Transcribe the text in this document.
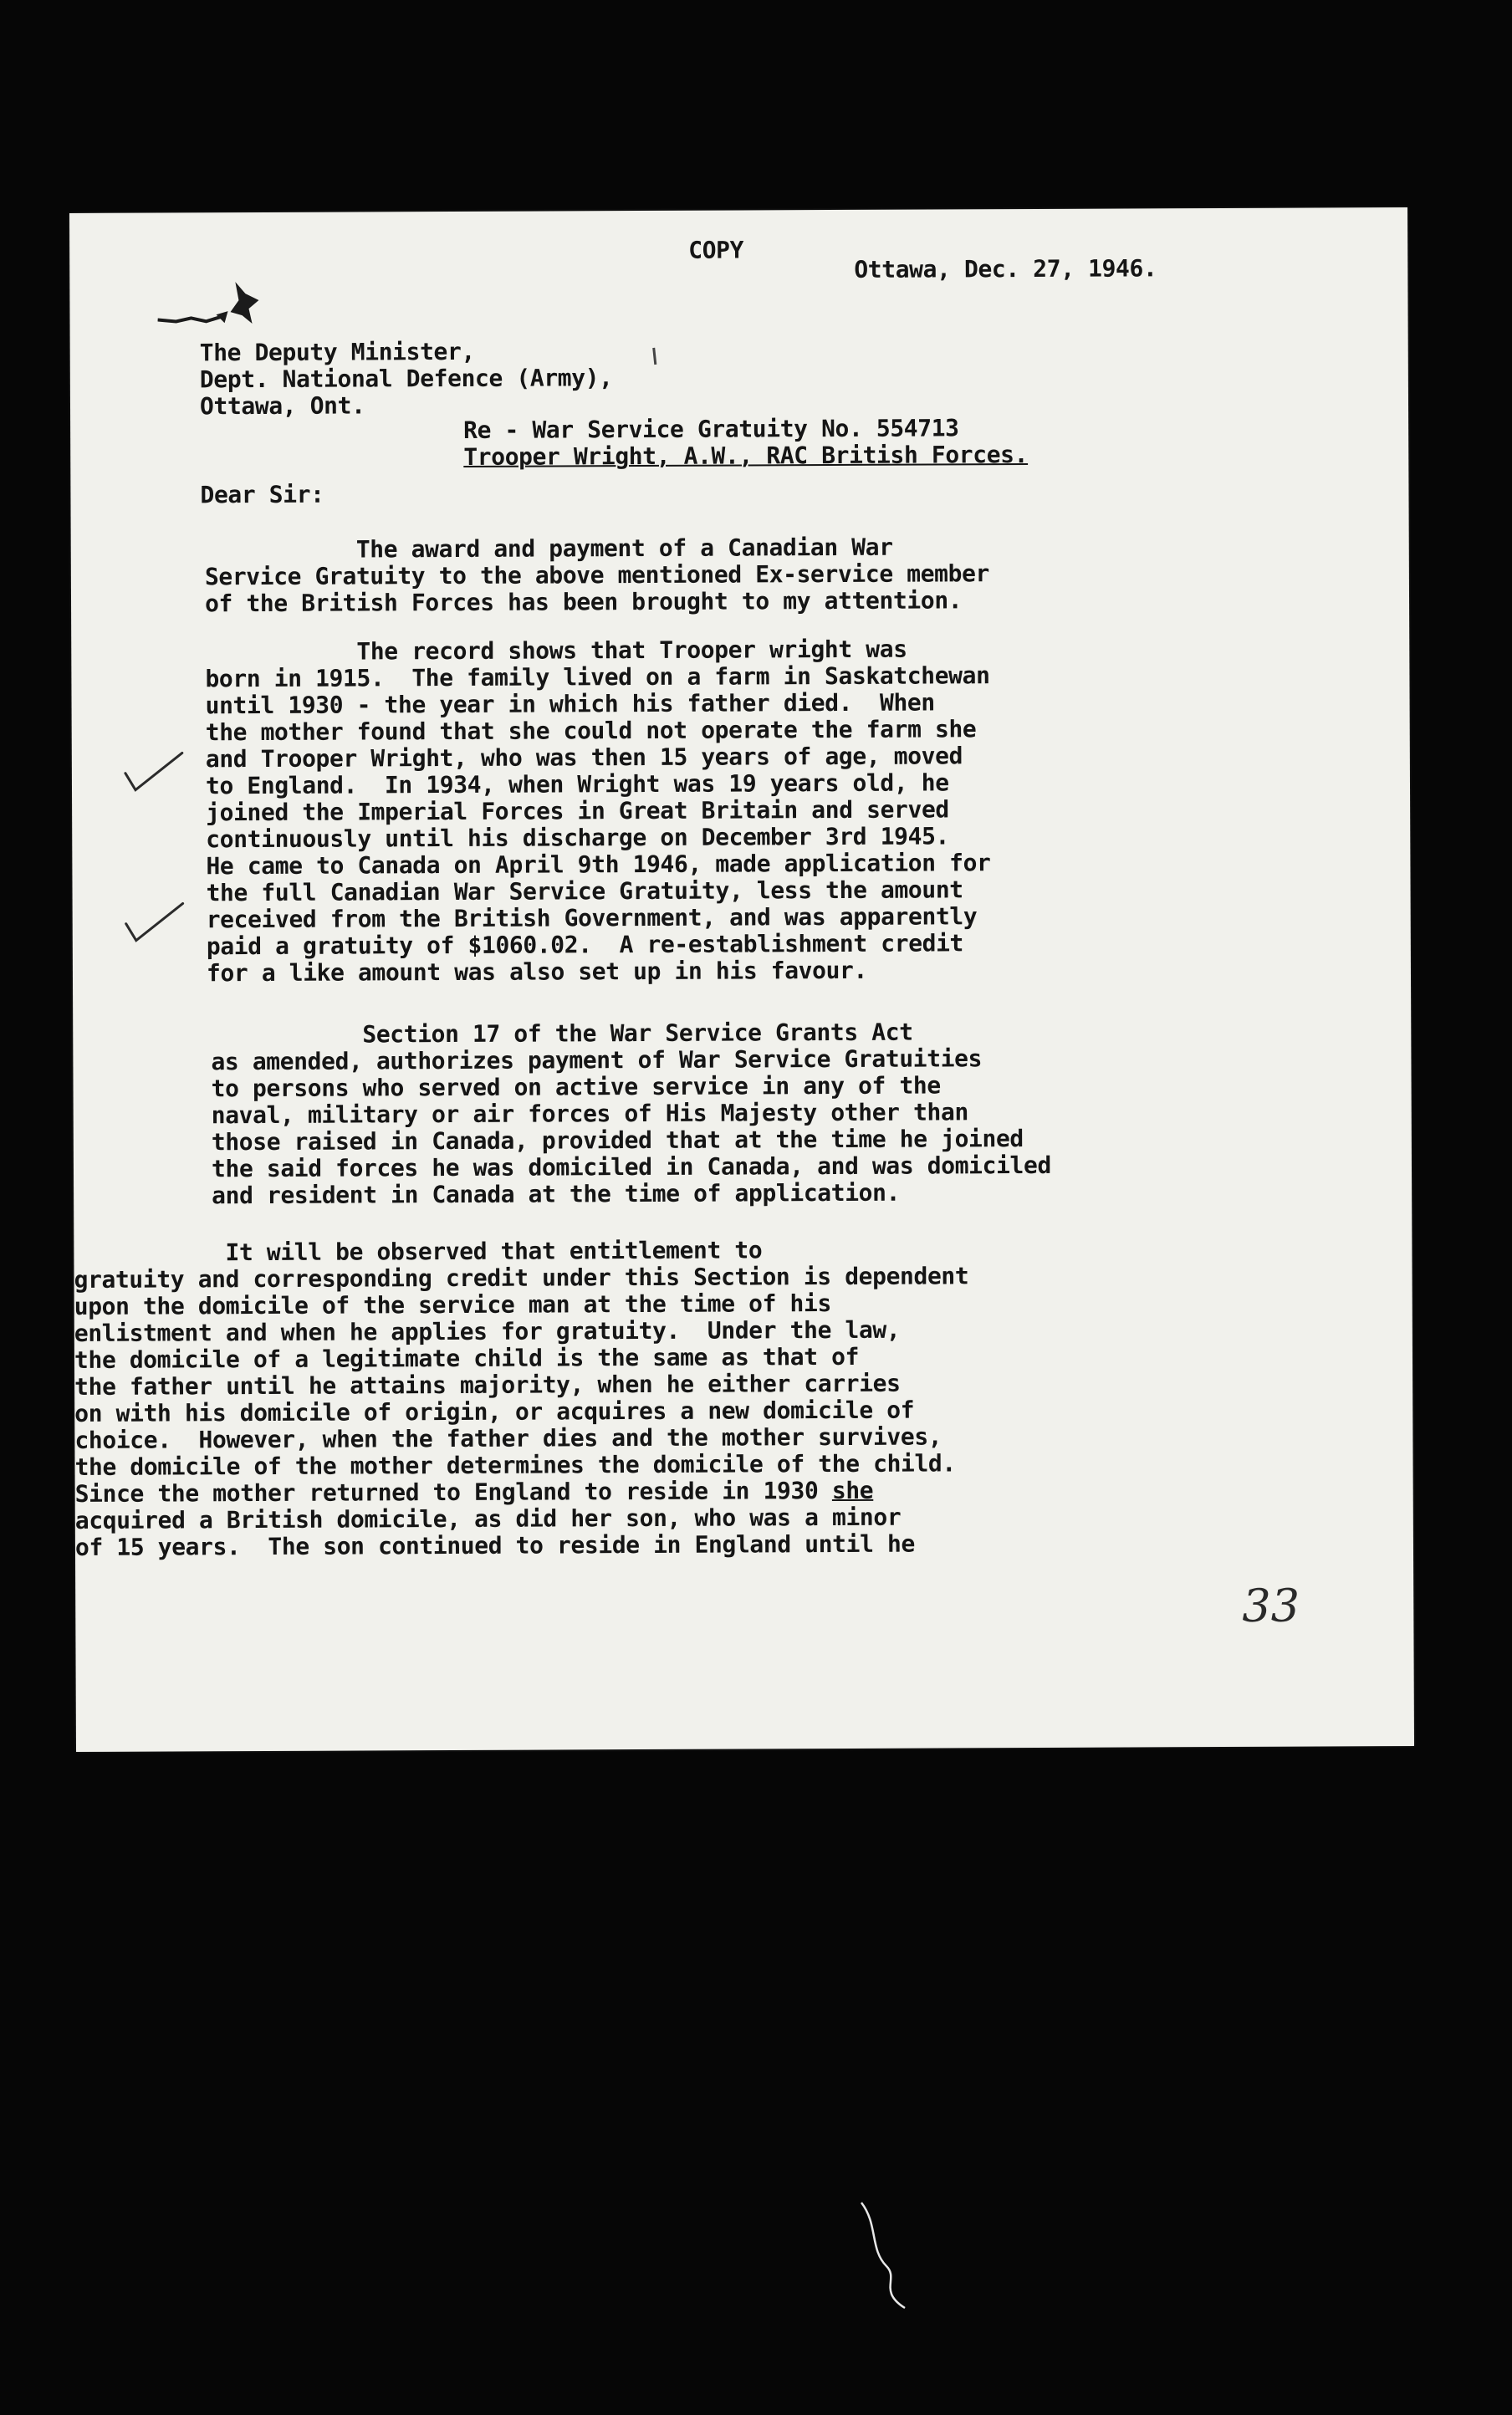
COPY
Ottawa, Dec. 27, 1946.
The Deputy Minister,
Dept. National Defence (Army),
Ottawa, Ont.
Re - War Service Gratuity No. 554713
Trooper Wright, A.W., RAC British Forces.
Dear Sir:
The award and payment of a Canadian War
Service Gratuity to the above mentioned Ex-service member
of the British Forces has been brought to my attention.
The record shows that Trooper wright was
born in 1915.  The family lived on a farm in Saskatchewan
until 1930 - the year in which his father died.  When
the mother found that she could not operate the farm she
and Trooper Wright, who was then 15 years of age, moved
to England.  In 1934, when Wright was 19 years old, he
joined the Imperial Forces in Great Britain and served
continuously until his discharge on December 3rd 1945.
He came to Canada on April 9th 1946, made application for
the full Canadian War Service Gratuity, less the amount
received from the British Government, and was apparently
paid a gratuity of $1060.02.  A re-establishment credit
for a like amount was also set up in his favour.
Section 17 of the War Service Grants Act
as amended, authorizes payment of War Service Gratuities
to persons who served on active service in any of the
naval, military or air forces of His Majesty other than
those raised in Canada, provided that at the time he joined
the said forces he was domiciled in Canada, and was domiciled
and resident in Canada at the time of application.
It will be observed that entitlement to
gratuity and corresponding credit under this Section is dependent
upon the domicile of the service man at the time of his
enlistment and when he applies for gratuity.  Under the law,
the domicile of a legitimate child is the same as that of
the father until he attains majority, when he either carries
on with his domicile of origin, or acquires a new domicile of
choice.  However, when the father dies and the mother survives,
the domicile of the mother determines the domicile of the child.
Since the mother returned to England to reside in 1930 she
acquired a British domicile, as did her son, who was a minor
of 15 years.  The son continued to reside in England until he
33
